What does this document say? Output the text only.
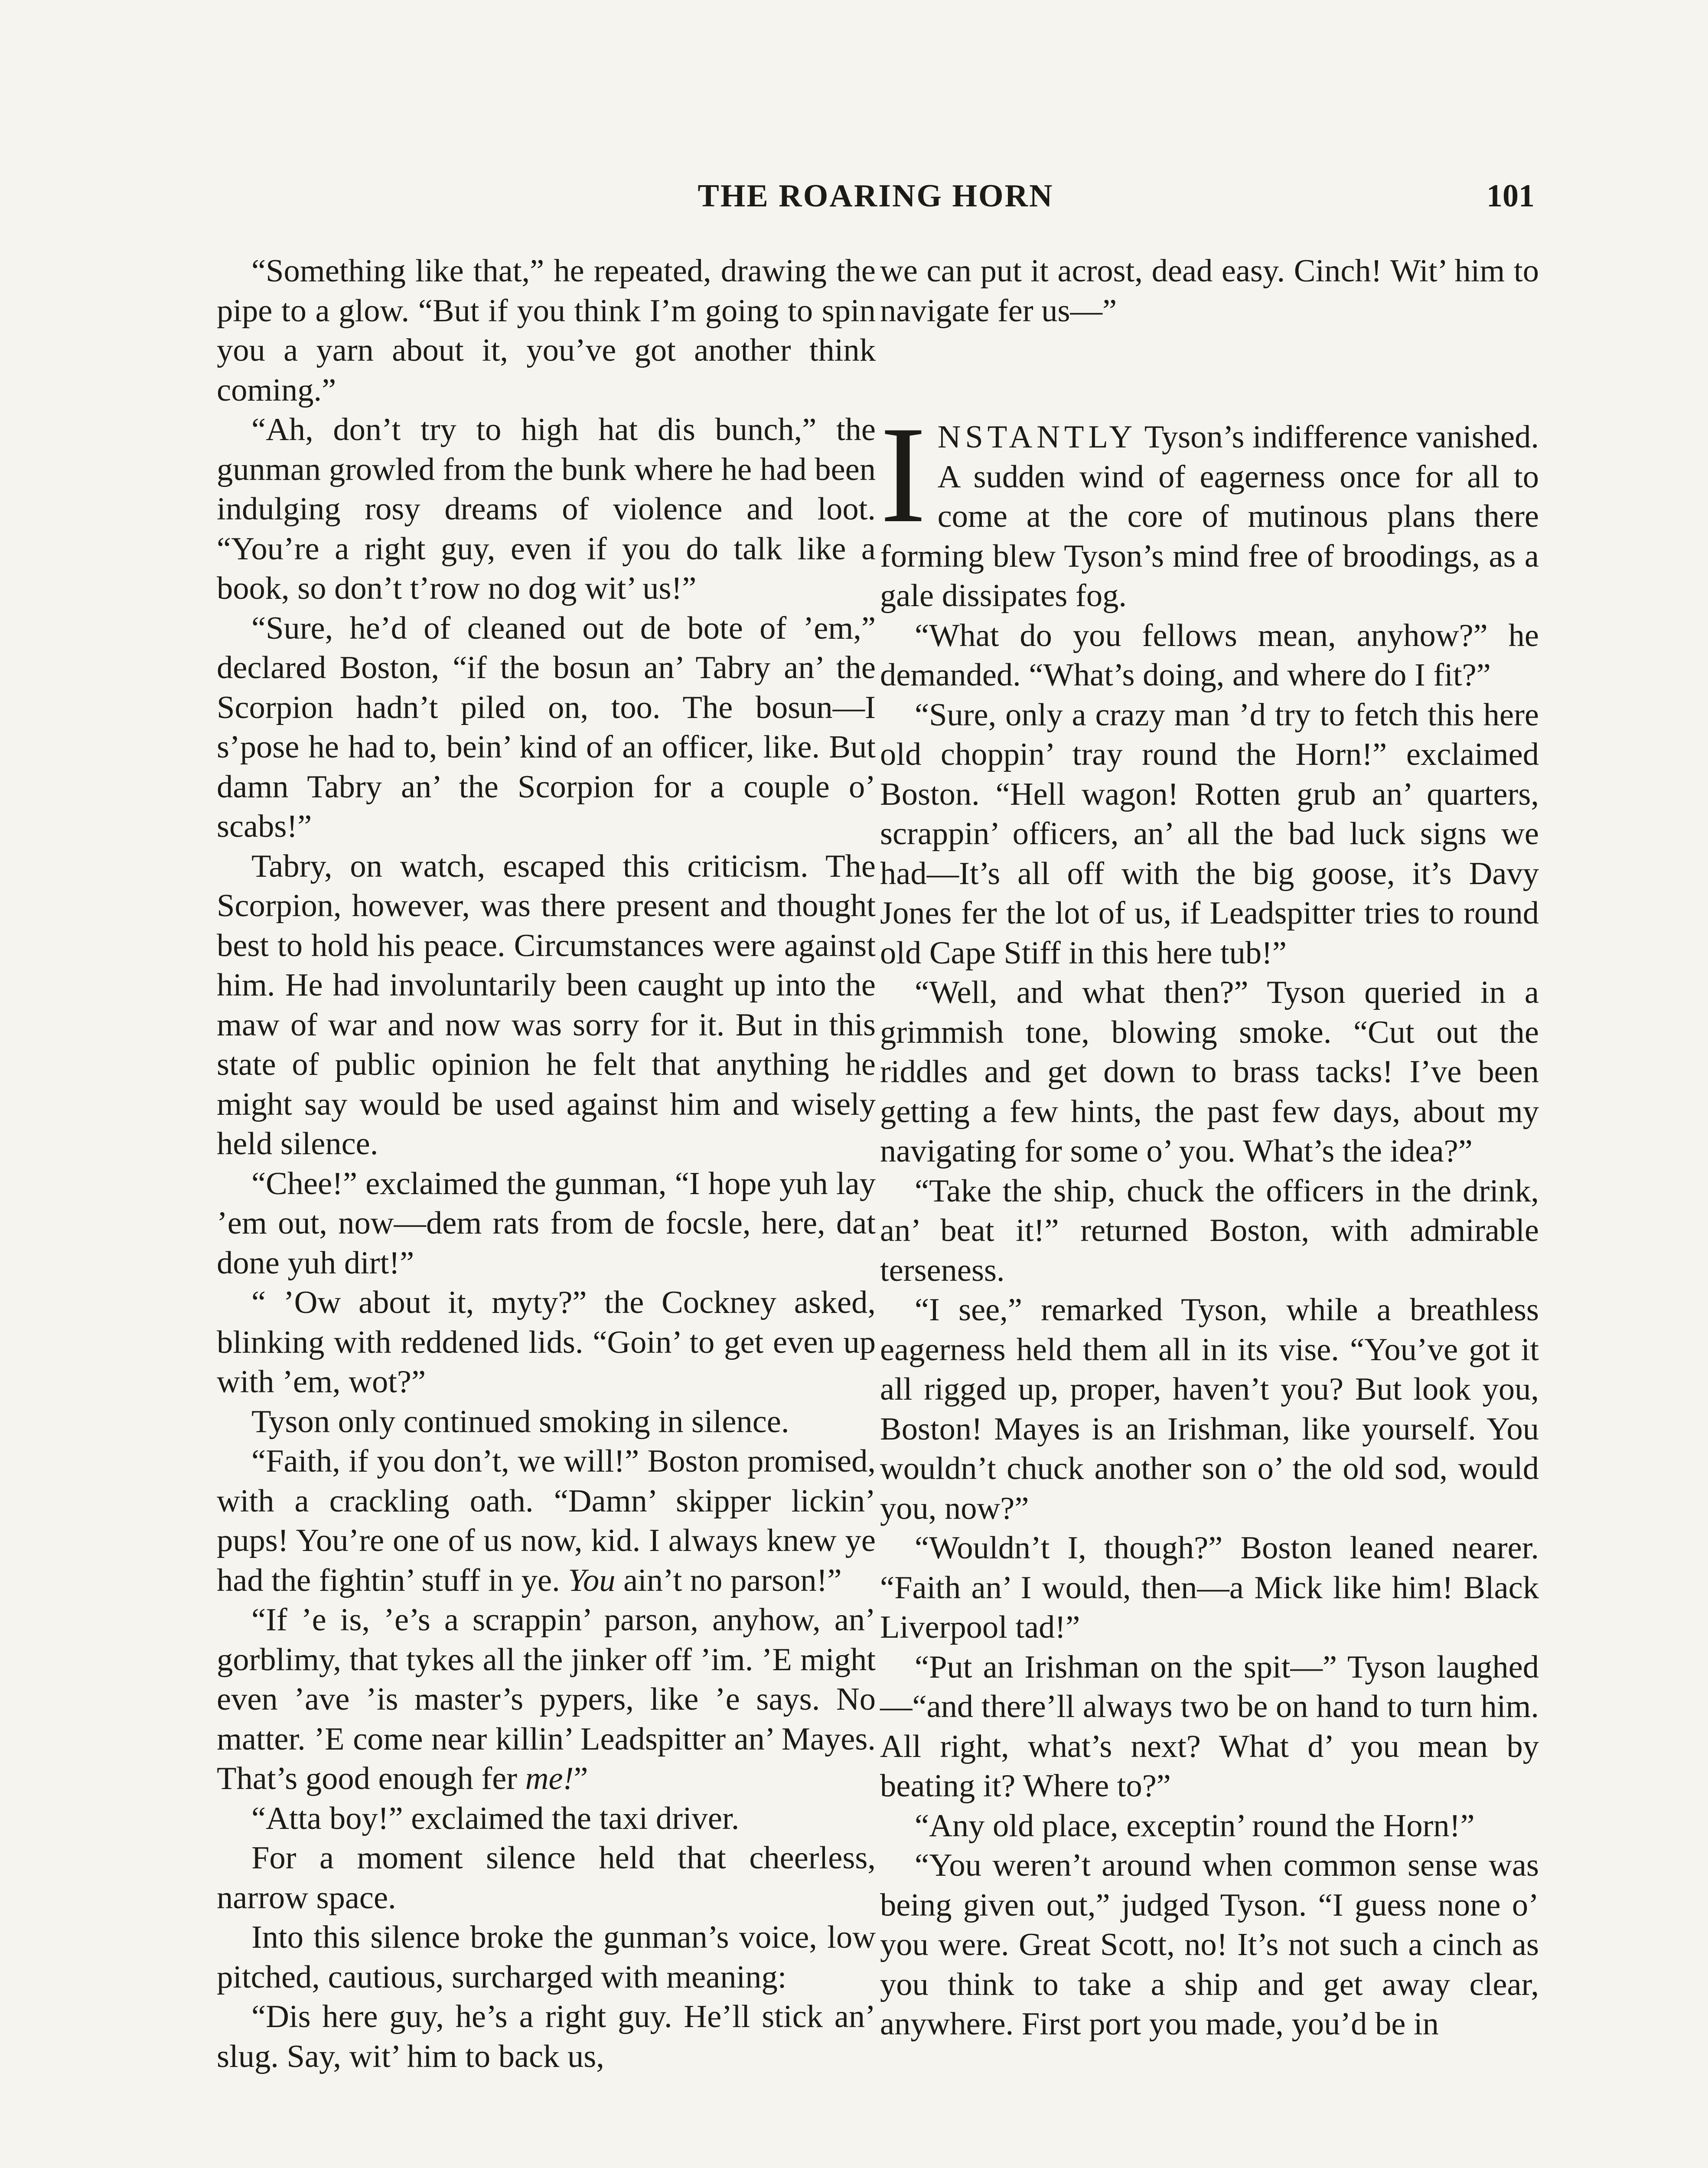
THE ROARING HORN	101

“Something like that,” he repeated, drawing the pipe to a glow. “But if you think I’m going to spin you a yarn about it, you’ve got another think coming.”

“Ah, don’t try to high hat dis bunch,” the gunman growled from the bunk where he had been indulging rosy dreams of violence and loot. “You’re a right guy, even if you do talk like a book, so don’t t’row no dog wit’ us!”

“Sure, he’d of cleaned out de bote of ’em,” declared Boston, “if the bosun an’ Tabry an’ the Scorpion hadn’t piled on, too. The bosun—I s’pose he had to, bein’ kind of an officer, like. But damn Tabry an’ the Scorpion for a couple o’ scabs!”

Tabry, on watch, escaped this criticism. The Scorpion, however, was there present and thought best to hold his peace. Circumstances were against him. He had involuntarily been caught up into the maw of war and now was sorry for it. But in this state of public opinion he felt that anything he might say would be used against him and wisely held silence.

“Chee!” exclaimed the gunman, “I hope yuh lay ’em out, now—dem rats from de focsle, here, dat done yuh dirt!”

“ ’Ow about it, myty?” the Cockney asked, blinking with reddened lids. “Goin’ to get even up with ’em, wot?”

Tyson only continued smoking in silence.

“Faith, if you don’t, we will!” Boston promised, with a crackling oath. “Damn’ skipper lickin’ pups! You’re one of us now, kid. I always knew ye had the fightin’ stuff in ye. You ain’t no parson!”

“If ’e is, ’e’s a scrappin’ parson, anyhow, an’ gorblimy, that tykes all the jinker off ’im. ’E might even ’ave ’is master’s pypers, like ’e says. No matter. ’E come near killin’ Leadspitter an’ Mayes. That’s good enough fer me!”

“Atta boy!” exclaimed the taxi driver.

For a moment silence held that cheerless, narrow space.

Into this silence broke the gunman’s voice, low pitched, cautious, surcharged with meaning:

“Dis here guy, he’s a right guy. He’ll stick an’ slug. Say, wit’ him to back us,

we can put it acrost, dead easy. Cinch! Wit’ him to navigate fer us—”

INSTANTLY Tyson’s indifference vanished. A sudden wind of eagerness once for all to come at the core of mutinous plans there forming blew Tyson’s mind free of broodings, as a gale dissipates fog.

“What do you fellows mean, anyhow?” he demanded. “What’s doing, and where do I fit?”

“Sure, only a crazy man ’d try to fetch this here old choppin’ tray round the Horn!” exclaimed Boston. “Hell wagon! Rotten grub an’ quarters, scrappin’ officers, an’ all the bad luck signs we had—It’s all off with the big goose, it’s Davy Jones fer the lot of us, if Leadspitter tries to round old Cape Stiff in this here tub!”

“Well, and what then?” Tyson queried in a grimmish tone, blowing smoke. “Cut out the riddles and get down to brass tacks! I’ve been getting a few hints, the past few days, about my navigating for some o’ you. What’s the idea?”

“Take the ship, chuck the officers in the drink, an’ beat it!” returned Boston, with admirable terseness.

“I see,” remarked Tyson, while a breathless eagerness held them all in its vise. “You’ve got it all rigged up, proper, haven’t you? But look you, Boston! Mayes is an Irishman, like yourself. You wouldn’t chuck another son o’ the old sod, would you, now?”

“Wouldn’t I, though?” Boston leaned nearer. “Faith an’ I would, then—a Mick like him! Black Liverpool tad!”

“Put an Irishman on the spit—” Tyson laughed—“and there’ll always two be on hand to turn him. All right, what’s next? What d’ you mean by beating it? Where to?”

“Any old place, exceptin’ round the Horn!”

“You weren’t around when common sense was being given out,” judged Tyson. “I guess none o’ you were. Great Scott, no! It’s not such a cinch as you think to take a ship and get away clear, anywhere. First port you made, you’d be in
